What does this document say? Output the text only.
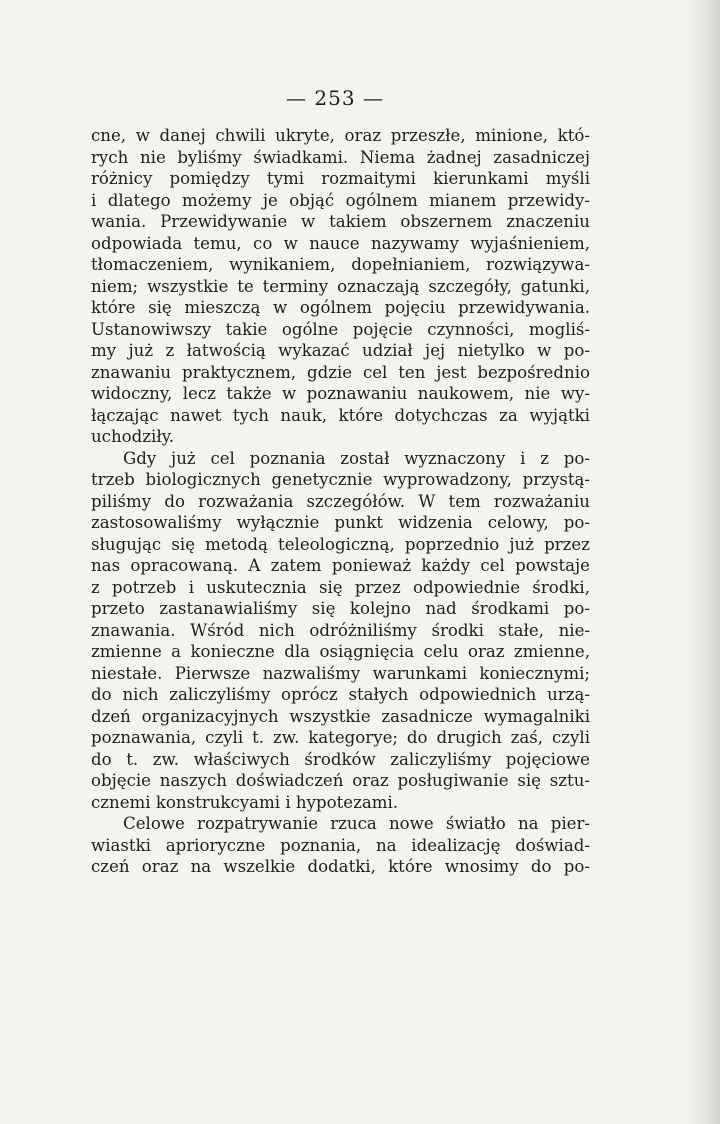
— 253 —
cne, w danej chwili ukryte, oraz przeszłe, minione, któ-
rych nie byliśmy świadkami. Niema żadnej zasadniczej
różnicy pomiędzy tymi rozmaitymi kierunkami myśli
i dlatego możemy je objąć ogólnem mianem przewidy-
wania. Przewidywanie w takiem obszernem znaczeniu
odpowiada temu, co w nauce nazywamy wyjaśnieniem,
tłomaczeniem, wynikaniem, dopełnianiem, rozwiązywa-
niem; wszystkie te terminy oznaczają szczegóły, gatunki,
które się mieszczą w ogólnem pojęciu przewidywania.
Ustanowiwszy takie ogólne pojęcie czynności, mogliś-
my już z łatwością wykazać udział jej nietylko w po-
znawaniu praktycznem, gdzie cel ten jest bezpośrednio
widoczny, lecz także w poznawaniu naukowem, nie wy-
łączając nawet tych nauk, które dotychczas za wyjątki
uchodziły.
Gdy już cel poznania został wyznaczony i z po-
trzeb biologicznych genetycznie wyprowadzony, przystą-
piliśmy do rozważania szczegółów. W tem rozważaniu
zastosowaliśmy wyłącznie punkt widzenia celowy, po-
sługując się metodą teleologiczną, poprzednio już przez
nas opracowaną. A zatem ponieważ każdy cel powstaje
z potrzeb i uskutecznia się przez odpowiednie środki,
przeto zastanawialiśmy się kolejno nad środkami po-
znawania. Wśród nich odróżniliśmy środki stałe, nie-
zmienne a konieczne dla osiągnięcia celu oraz zmienne,
niestałe. Pierwsze nazwaliśmy warunkami koniecznymi;
do nich zaliczyliśmy oprócz stałych odpowiednich urzą-
dzeń organizacyjnych wszystkie zasadnicze wymagalniki
poznawania, czyli t. zw. kategorye; do drugich zaś, czyli
do t. zw. właściwych środków zaliczyliśmy pojęciowe
objęcie naszych doświadczeń oraz posługiwanie się sztu-
cznemi konstrukcyami i hypotezami.
Celowe rozpatrywanie rzuca nowe światło na pier-
wiastki aprioryczne poznania, na idealizację doświad-
czeń oraz na wszelkie dodatki, które wnosimy do po-
